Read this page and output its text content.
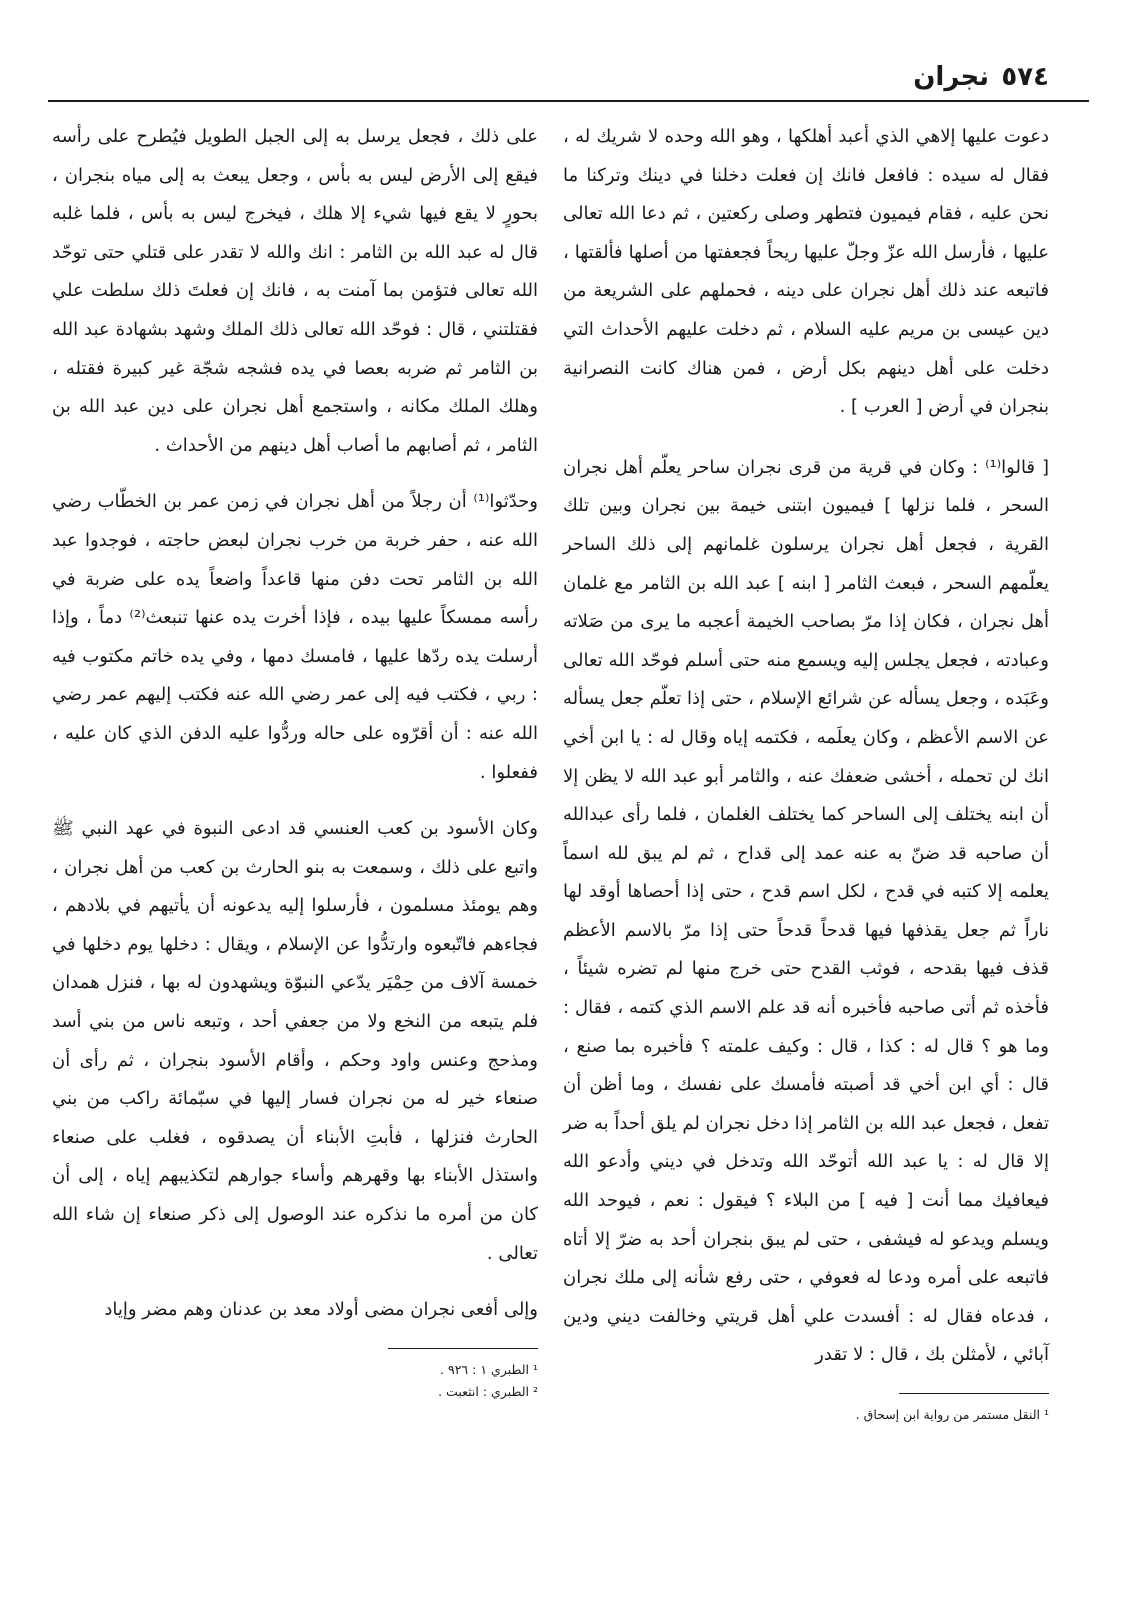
٥٧٤
نجران

دعوت عليها إلاهي الذي أعبد أهلكها ، وهو الله وحده لا شريك له ، فقال له سيده : فافعل فانك إن فعلت دخلنا في دينك وتركنا ما نحن عليه ، فقام فيميون فتطهر وصلى ركعتين ، ثم دعا الله تعالى عليها ، فأرسل الله عزّ وجلّ عليها ريحاً فجعفتها من أصلها فألقتها ، فاتبعه عند ذلك أهل نجران على دينه ، فحملهم على الشريعة من دين عيسى بن مريم عليه السلام ، ثم دخلت عليهم الأحداث التي دخلت على أهل دينهم بكل أرض ، فمن هناك كانت النصرانية بنجران في أرض [ العرب ] .

[ قالوا⁽¹⁾ : وكان في قرية من قرى نجران ساحر يعلّم أهل نجران السحر ، فلما نزلها ] فيميون ابتنى خيمة بين نجران وبين تلك القرية ، فجعل أهل نجران يرسلون غلمانهم إلى ذلك الساحر يعلّمهم السحر ، فبعث الثامر [ ابنه ] عبد الله بن الثامر مع غلمان أهل نجران ، فكان إذا مرّ بصاحب الخيمة أعجبه ما يرى من صَلاته وعبادته ، فجعل يجلس إليه ويسمع منه حتى أسلم فوحّد الله تعالى وعَبَده ، وجعل يسأله عن شرائع الإسلام ، حتى إذا تعلّم جعل يسأله عن الاسم الأعظم ، وكان يعلَمه ، فكتمه إياه وقال له : يا ابن أخي انك لن تحمله ، أخشى ضعفك عنه ، والثامر أبو عبد الله لا يظن إلا أن ابنه يختلف إلى الساحر كما يختلف الغلمان ، فلما رأى عبدالله أن صاحبه قد ضنّ به عنه عمد إلى قداح ، ثم لم يبق لله اسماً يعلمه إلا كتبه في قدح ، لكل اسم قدح ، حتى إذا أحصاها أوقد لها ناراً ثم جعل يقذفها فيها قدحاً قدحاً حتى إذا مرّ بالاسم الأعظم قذف فيها بقدحه ، فوثب القدح حتى خرج منها لم تضره شيئاً ، فأخذه ثم أتى صاحبه فأخبره أنه قد علم الاسم الذي كتمه ، فقال : وما هو ؟ قال له : كذا ، قال : وكيف علمته ؟ فأخبره بما صنع ، قال : أي ابن أخي قد أصبته فأمسك على نفسك ، وما أظن أن تفعل ، فجعل عبد الله بن الثامر إذا دخل نجران لم يلق أحداً به ضر إلا قال له : يا عبد الله أتوحّد الله وتدخل في ديني وأدعو الله فيعافيك مما أنت [ فيه ] من البلاء ؟ فيقول : نعم ، فيوحد الله ويسلم ويدعو له فيشفى ، حتى لم يبق بنجران أحد به ضرّ إلا أتاه فاتبعه على أمره ودعا له فعوفي ، حتى رفع شأنه إلى ملك نجران ، فدعاه فقال له : أفسدت علي أهل قريتي وخالفت ديني ودين آبائي ، لأمثلن بك ، قال : لا تقدر

¹ النقل مستمر من رواية ابن إسحاق .

على ذلك ، فجعل يرسل به إلى الجبل الطويل فيُطرح على رأسه فيقع إلى الأرض ليس به بأس ، وجعل يبعث به إلى مياه بنجران ، بحورٍ لا يقع فيها شيء إلا هلك ، فيخرج ليس به بأس ، فلما غلبه قال له عبد الله بن الثامر : انك والله لا تقدر على قتلي حتى توحّد الله تعالى فتؤمن بما آمنت به ، فانك إن فعلتَ ذلك سلطت علي فقتلتني ، قال : فوحّد الله تعالى ذلك الملك وشهد بشهادة عبد الله بن الثامر ثم ضربه بعصا في يده فشجه شجّة غير كبيرة فقتله ، وهلك الملك مكانه ، واستجمع أهل نجران على دين عبد الله بن الثامر ، ثم أصابهم ما أصاب أهل دينهم من الأحداث .

وحدّثوا⁽¹⁾ أن رجلاً من أهل نجران في زمن عمر بن الخطّاب رضي الله عنه ، حفر خربة من خرب نجران لبعض حاجته ، فوجدوا عبد الله بن الثامر تحت دفن منها قاعداً واضعاً يده على ضربة في رأسه ممسكاً عليها بيده ، فإذا أخرت يده عنها تنبعث⁽²⁾ دماً ، وإذا أرسلت يده ردّها عليها ، فامسك دمها ، وفي يده خاتم مكتوب فيه : ربي ، فكتب فيه إلى عمر رضي الله عنه فكتب إليهم عمر رضي الله عنه : أن أقرّوه على حاله وردُّوا عليه الدفن الذي كان عليه ، ففعلوا .

وكان الأسود بن كعب العنسي قد ادعى النبوة في عهد النبي ﷺ واتبع على ذلك ، وسمعت به بنو الحارث بن كعب من أهل نجران ، وهم يومئذ مسلمون ، فأرسلوا إليه يدعونه أن يأتيهم في بلادهم ، فجاءهم فاتّبعوه وارتدُّوا عن الإسلام ، ويقال : دخلها يوم دخلها في خمسة آلاف من حِمْيَر يدّعي النبوّة ويشهدون له بها ، فنزل همدان فلم يتبعه من النخع ولا من جعفي أحد ، وتبعه ناس من بني أسد ومذحج وعنس واود وحكم ، وأقام الأسود بنجران ، ثم رأى أن صنعاء خير له من نجران فسار إليها في سبّمائة راكب من بني الحارث فنزلها ، فأبتِ الأبناء أن يصدقوه ، فغلب على صنعاء واستذل الأبناء بها وقهرهم وأساء جوارهم لتكذيبهم إياه ، إلى أن كان من أمره ما نذكره عند الوصول إلى ذكر صنعاء إن شاء الله تعالى .

وإلى أفعى نجران مضى أولاد معد بن عدنان وهم مضر وإياد

¹ الطبري ١ : ٩٢٦ .
² الطبري : انثعبت .
